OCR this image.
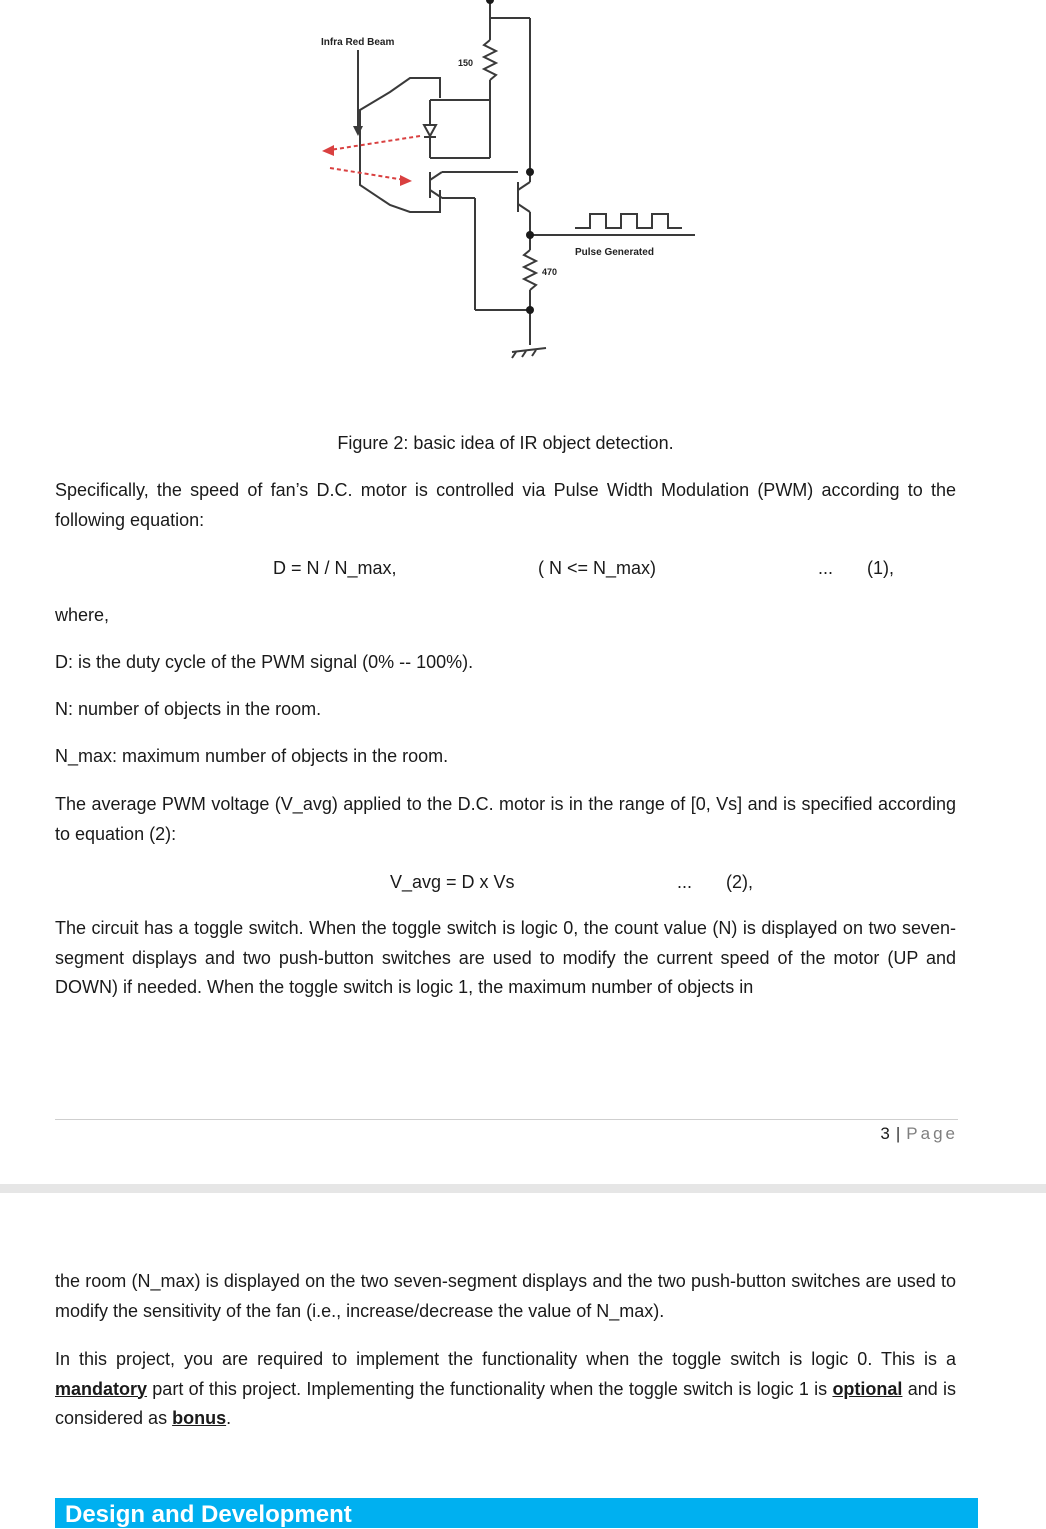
Infra Red Beam
150
470
Pulse Generated
Figure 2: basic idea of IR object detection.
Specifically, the speed of fan’s D.C. motor is controlled via Pulse Width Modulation (PWM) according to the following equation:
D = N / N_max,	( N <= N_max)	... (1),
where,
D: is the duty cycle of the PWM signal (0% -- 100%).
N: number of objects in the room.
N_max: maximum number of objects in the room.
The average PWM voltage (V_avg) applied to the D.C. motor is in the range of [0, Vs] and is specified according to equation (2):
V_avg = D x Vs	... (2),
The circuit has a toggle switch. When the toggle switch is logic 0, the count value (N) is displayed on two seven-segment displays and two push-button switches are used to modify the current speed of the motor (UP and DOWN) if needed. When the toggle switch is logic 1, the maximum number of objects in
3 | Page
the room (N_max) is displayed on the two seven-segment displays and the two push-button switches are used to modify the sensitivity of the fan (i.e., increase/decrease the value of N_max).
In this project, you are required to implement the functionality when the toggle switch is logic 0. This is a mandatory part of this project. Implementing the functionality when the toggle switch is logic 1 is optional and is considered as bonus.
Design and Development
